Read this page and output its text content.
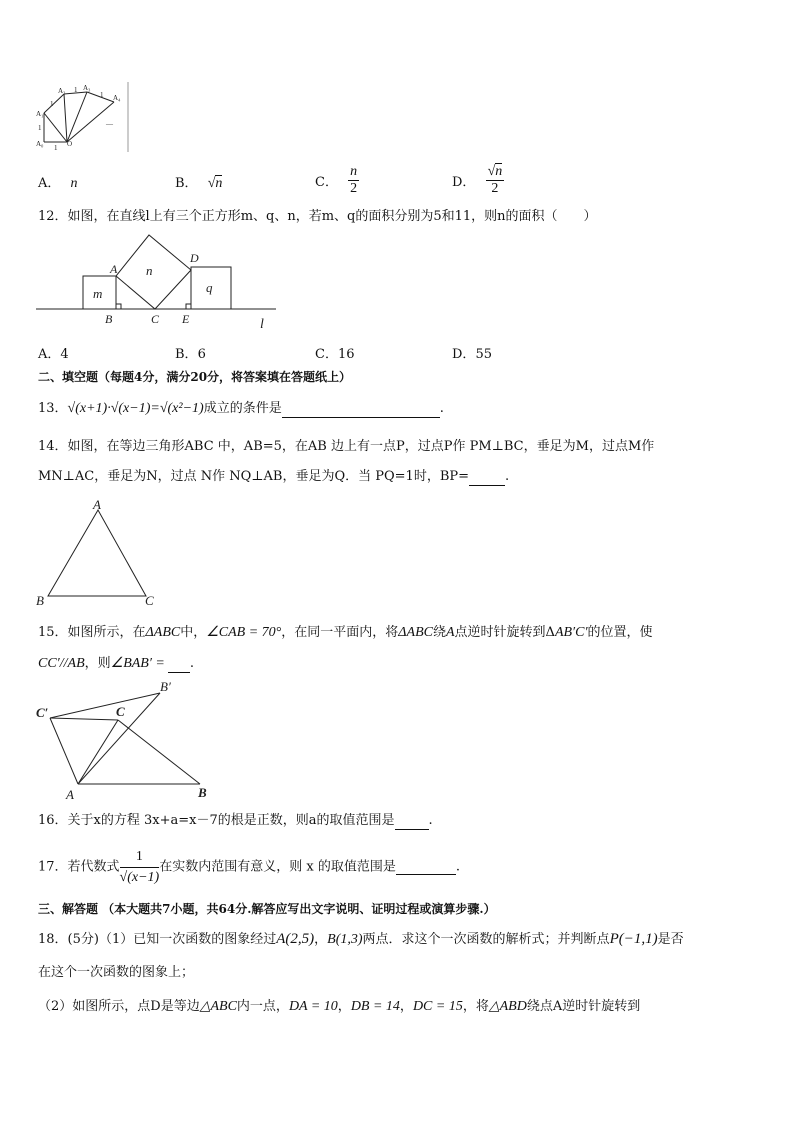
A₁
A₂	A₃
A₄
A₀	O
1
1
1
1
1
—
A． n	B． √n	C． $\frac{n}{2}$	D． $\frac{√n}{2}$
12．如图，在直线l上有三个正方形m、q、n，若m、q的面积分别为5和11，则n的面积（　　）
m
n
q
A
B	C
D
E	l
A．4	B．6	C．16	D．55
二、填空题（每题4分，满分20分，将答案填在答题纸上）
13．√(x+1)·√(x−1)=√(x²−1)成立的条件是	.
14．如图，在等边三角形ABC 中，AB=5，在AB 边上有一点P，过点P作 PM⊥BC，垂足为M，过点M作
MN⊥AC，垂足为N，过点 N作 NQ⊥AB，垂足为Q．当 PQ=1时，BP=	.
A
B	C
15．如图所示，在ΔABC中，∠CAB = 70°，在同一平面内，将ΔABC绕A点逆时针旋转到ΔAB′C′的位置，使
CC′//AB，则∠BAB′ = .
C′
B′
C
A	B
16．关于x的方程 3x+a=x－7的根是正数，则a的取值范围是	.
17．若代数式 $\frac{1}{√(x-1)}$ 在实数内范围有意义，则 x 的取值范围是	.
三、解答题 （本大题共7小题，共64分.解答应写出文字说明、证明过程或演算步骤.）
18．(5分)（1）已知一次函数的图象经过A(2,5)，B(1,3)两点．求这个一次函数的解析式；并判断点P(−1,1)是否
在这个一次函数的图象上；
（2）如图所示，点D是等边△ABC内一点，DA = 10，DB = 14，DC = 15，将△ABD绕点A逆时针旋转到
